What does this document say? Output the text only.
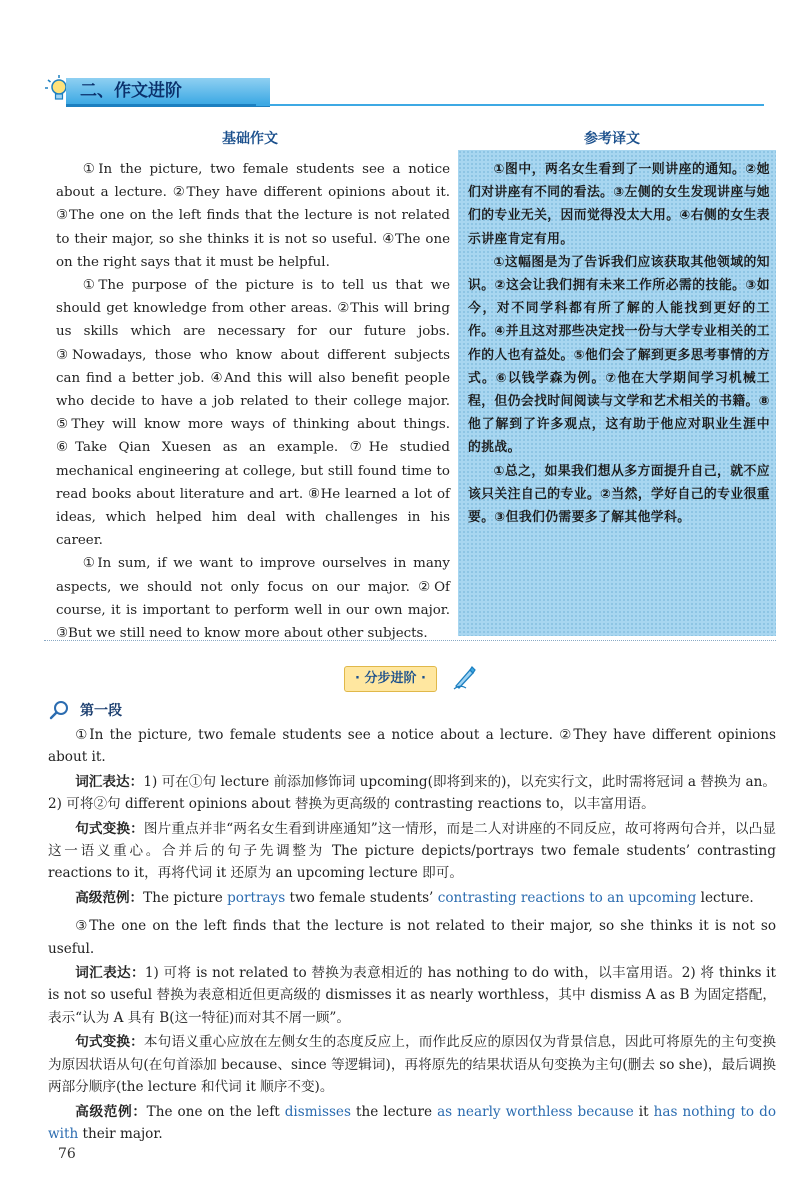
二、作文进阶
基础作文	参考译文

①In the picture, two female students see a notice about a lecture. ②They have different opinions about it. ③The one on the left finds that the lecture is not related to their major, so she thinks it is not so useful. ④The one on the right says that it must be helpful.

①The purpose of the picture is to tell us that we should get knowledge from other areas. ②This will bring us skills which are necessary for our future jobs. ③Nowadays, those who know about different subjects can find a better job. ④And this will also benefit people who decide to have a job related to their college major. ⑤They will know more ways of thinking about things. ⑥Take Qian Xuesen as an example. ⑦He studied mechanical engineering at college, but still found time to read books about literature and art. ⑧He learned a lot of ideas, which helped him deal with challenges in his career.

①In sum, if we want to improve ourselves in many aspects, we should not only focus on our major. ②Of course, it is important to perform well in our own major. ③But we still need to know more about other subjects.

①图中，两名女生看到了一则讲座的通知。②她们对讲座有不同的看法。③左侧的女生发现讲座与她们的专业无关，因而觉得没太大用。④右侧的女生表示讲座肯定有用。

①这幅图是为了告诉我们应该获取其他领域的知识。②这会让我们拥有未来工作所必需的技能。③如今，对不同学科都有所了解的人能找到更好的工作。④并且这对那些决定找一份与大学专业相关的工作的人也有益处。⑤他们会了解到更多思考事情的方式。⑥以钱学森为例。⑦他在大学期间学习机械工程，但仍会找时间阅读与文学和艺术相关的书籍。⑧他了解到了许多观点，这有助于他应对职业生涯中的挑战。

①总之，如果我们想从多方面提升自己，就不应该只关注自己的专业。②当然，学好自己的专业很重要。③但我们仍需要多了解其他学科。

· 分步进阶 ·
第一段

①In the picture, two female students see a notice about a lecture. ②They have different opinions about it.

词汇表达：1) 可在①句 lecture 前添加修饰词 upcoming(即将到来的)，以充实行文，此时需将冠词 a 替换为 an。2) 可将②句 different opinions about 替换为更高级的 contrasting reactions to，以丰富用语。

句式变换：图片重点并非“两名女生看到讲座通知”这一情形，而是二人对讲座的不同反应，故可将两句合并，以凸显这一语义重心。合并后的句子先调整为 The picture depicts/portrays two female students’ contrasting reactions to it，再将代词 it 还原为 an upcoming lecture 即可。

高级范例：The picture portrays two female students’ contrasting reactions to an upcoming lecture.

③The one on the left finds that the lecture is not related to their major, so she thinks it is not so useful.

词汇表达：1) 可将 is not related to 替换为表意相近的 has nothing to do with，以丰富用语。2) 将 thinks it is not so useful 替换为表意相近但更高级的 dismisses it as nearly worthless，其中 dismiss A as B 为固定搭配，表示“认为 A 具有 B(这一特征)而对其不屑一顾”。

句式变换：本句语义重心应放在左侧女生的态度反应上，而作此反应的原因仅为背景信息，因此可将原先的主句变换为原因状语从句(在句首添加 because、since 等逻辑词)，再将原先的结果状语从句变换为主句(删去 so she)，最后调换两部分顺序(the lecture 和代词 it 顺序不变)。

高级范例：The one on the left dismisses the lecture as nearly worthless because it has nothing to do with their major.

76
